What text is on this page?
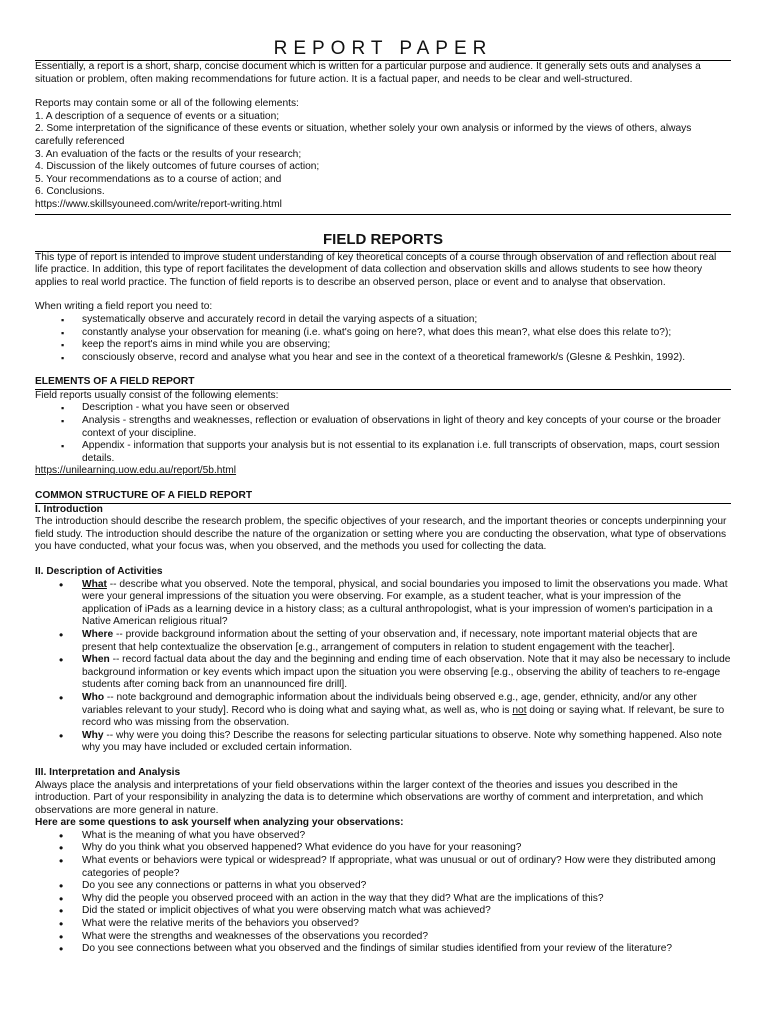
REPORT PAPER

Essentially, a report is a short, sharp, concise document which is written for a particular purpose and audience. It generally sets outs and analyses a situation or problem, often making recommendations for future action. It is a factual paper, and needs to be clear and well-structured.

Reports may contain some or all of the following elements:

1. A description of a sequence of events or a situation;

2. Some interpretation of the significance of these events or situation, whether solely your own analysis or informed by the views of others, always carefully referenced

3. An evaluation of the facts or the results of your research;

4. Discussion of the likely outcomes of future courses of action;

5. Your recommendations as to a course of action; and

6. Conclusions.

https://www.skillsyouneed.com/write/report-writing.html

FIELD REPORTS

This type of report is intended to improve student understanding of key theoretical concepts of a course through observation of and reflection about real life practice. In addition, this type of report facilitates the development of data collection and observation skills and allows students to see how theory applies to real world practice. The function of field reports is to describe an observed person, place or event and to analyse that observation.

When writing a field report you need to:

▪ systematically observe and accurately record in detail the varying aspects of a situation;
▪ constantly analyse your observation for meaning (i.e. what's going on here?, what does this mean?, what else does this relate to?);
▪ keep the report's aims in mind while you are observing;
▪ consciously observe, record and analyse what you hear and see in the context of a theoretical framework/s (Glesne & Peshkin, 1992).
ELEMENTS OF A FIELD REPORT

Field reports usually consist of the following elements:

▪ Description - what you have seen or observed
▪ Analysis - strengths and weaknesses, reflection or evaluation of observations in light of theory and key concepts of your course or the broader context of your discipline.
▪ Appendix - information that supports your analysis but is not essential to its explanation i.e. full transcripts of observation, maps, court session details.

https://unilearning.uow.edu.au/report/5b.html

COMMON STRUCTURE OF A FIELD REPORT
I. Introduction

The introduction should describe the research problem, the specific objectives of your research, and the important theories or concepts underpinning your field study. The introduction should describe the nature of the organization or setting where you are conducting the observation, what type of observations you have conducted, what your focus was, when you observed, and the methods you used for collecting the data.

II. Description of Activities
• What -- describe what you observed. Note the temporal, physical, and social boundaries you imposed to limit the observations you made. What were your general impressions of the situation you were observing. For example, as a student teacher, what is your impression of the application of iPads as a learning device in a history class; as a cultural anthropologist, what is your impression of women's participation in a Native American religious ritual?
• Where -- provide background information about the setting of your observation and, if necessary, note important material objects that are present that help contextualize the observation [e.g., arrangement of computers in relation to student engagement with the teacher].
• When -- record factual data about the day and the beginning and ending time of each observation. Note that it may also be necessary to include background information or key events which impact upon the situation you were observing [e.g., observing the ability of teachers to re-engage students after coming back from an unannounced fire drill].
• Who -- note background and demographic information about the individuals being observed e.g., age, gender, ethnicity, and/or any other variables relevant to your study]. Record who is doing what and saying what, as well as, who is not doing or saying what. If relevant, be sure to record who was missing from the observation.
• Why -- why were you doing this? Describe the reasons for selecting particular situations to observe. Note why something happened. Also note why you may have included or excluded certain information.
III. Interpretation and Analysis

Always place the analysis and interpretations of your field observations within the larger context of the theories and issues you described in the introduction. Part of your responsibility in analyzing the data is to determine which observations are worthy of comment and interpretation, and which observations are more general in nature.

Here are some questions to ask yourself when analyzing your observations:
• What is the meaning of what you have observed?
• Why do you think what you observed happened? What evidence do you have for your reasoning?
• What events or behaviors were typical or widespread? If appropriate, what was unusual or out of ordinary? How were they distributed among categories of people?
• Do you see any connections or patterns in what you observed?
• Why did the people you observed proceed with an action in the way that they did? What are the implications of this?
• Did the stated or implicit objectives of what you were observing match what was achieved?
• What were the relative merits of the behaviors you observed?
• What were the strengths and weaknesses of the observations you recorded?
• Do you see connections between what you observed and the findings of similar studies identified from your review of the literature?
